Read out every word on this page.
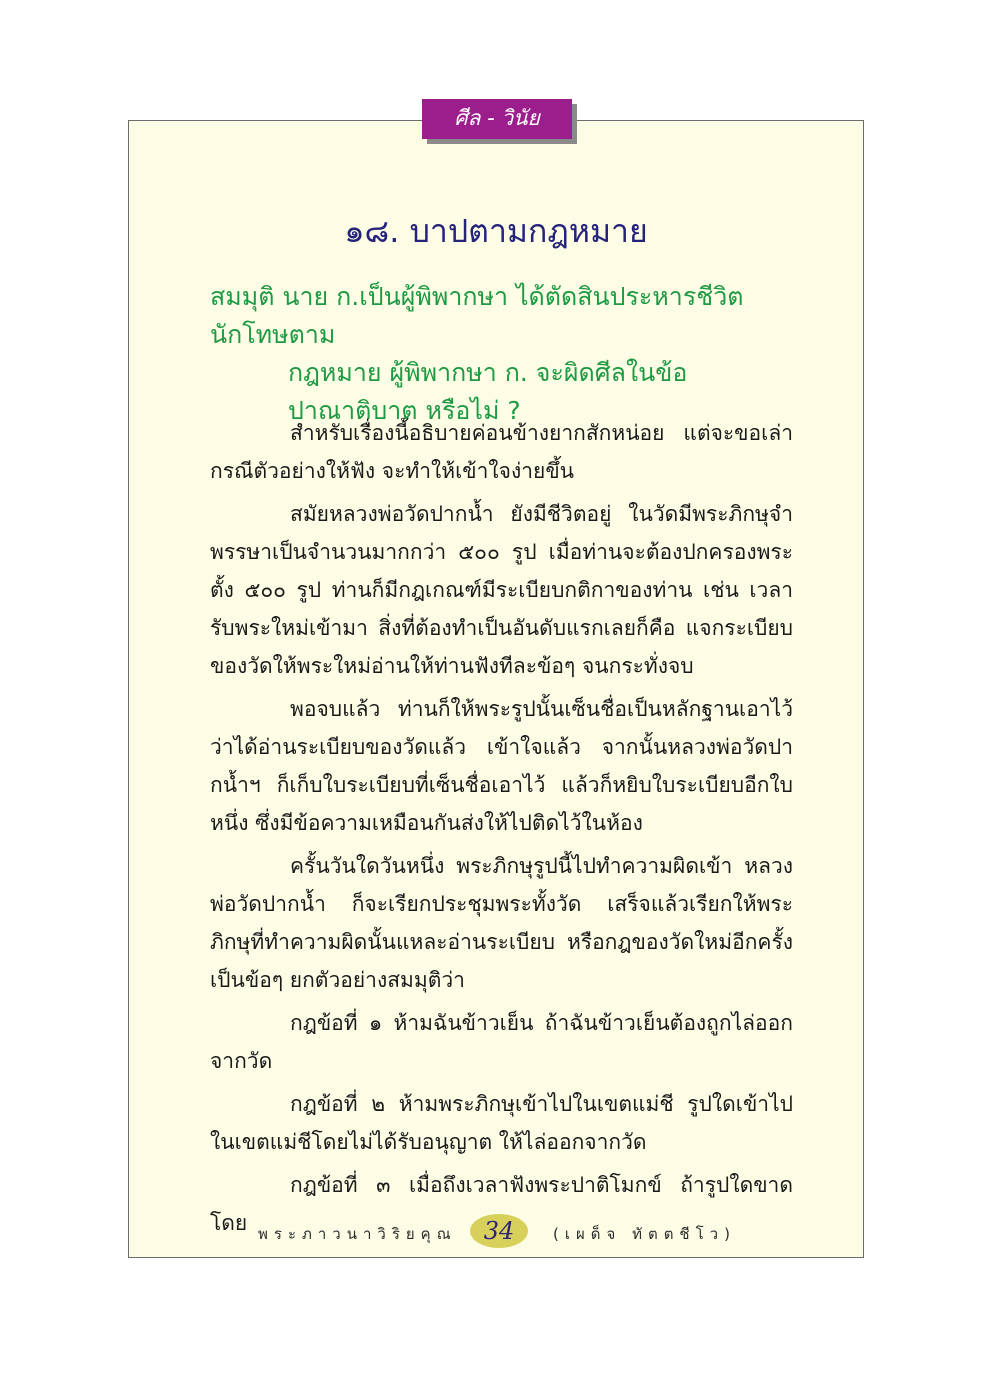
ศีล - วินัย
๑๘. บาปตามกฎหมาย
สมมุติ นาย ก.เป็นผู้พิพากษา ได้ตัดสินประหารชีวิตนักโทษตาม
กฎหมาย ผู้พิพากษา ก. จะผิดศีลในข้อปาณาติบาต หรือไม่ ?

สำหรับเรื่องนี้อธิบายค่อนข้างยากสักหน่อย แต่จะขอเล่ากรณีตัวอย่างให้ฟัง จะทำให้เข้าใจง่ายขึ้น

สมัยหลวงพ่อวัดปากน้ำ ยังมีชีวิตอยู่ ในวัดมีพระภิกษุจำพรรษาเป็นจำนวนมากกว่า ๕๐๐ รูป เมื่อท่านจะต้องปกครองพระตั้ง ๕๐๐ รูป ท่านก็มีกฎเกณฑ์มีระเบียบกติกาของท่าน เช่น เวลารับพระใหม่เข้ามา สิ่งที่ต้องทำเป็นอันดับแรกเลยก็คือ แจกระเบียบของวัดให้พระใหม่อ่านให้ท่านฟังทีละข้อๆ จนกระทั่งจบ

พอจบแล้ว ท่านก็ให้พระรูปนั้นเซ็นชื่อเป็นหลักฐานเอาไว้ว่าได้อ่านระเบียบของวัดแล้ว เข้าใจแล้ว จากนั้นหลวงพ่อวัดปากน้ำฯ ก็เก็บใบระเบียบที่เซ็นชื่อเอาไว้ แล้วก็หยิบใบระเบียบอีกใบหนึ่ง ซึ่งมีข้อความเหมือนกันส่งให้ไปติดไว้ในห้อง

ครั้นวันใดวันหนึ่ง พระภิกษุรูปนี้ไปทำความผิดเข้า หลวงพ่อวัดปากน้ำ ก็จะเรียกประชุมพระทั้งวัด เสร็จแล้วเรียกให้พระภิกษุที่ทำความผิดนั้นแหละอ่านระเบียบ หรือกฎของวัดใหม่อีกครั้งเป็นข้อๆ ยกตัวอย่างสมมุติว่า

กฎข้อที่ ๑ ห้ามฉันข้าวเย็น ถ้าฉันข้าวเย็นต้องถูกไล่ออกจากวัด

กฎข้อที่ ๒ ห้ามพระภิกษุเข้าไปในเขตแม่ชี รูปใดเข้าไปในเขตแม่ชีโดยไม่ได้รับอนุญาต ให้ไล่ออกจากวัด

กฎข้อที่ ๓ เมื่อถึงเวลาฟังพระปาติโมกข์ ถ้ารูปใดขาดโดย พระภาวนาวิริยคุณ	34	(เผด็จ ทัตตชีโว)
